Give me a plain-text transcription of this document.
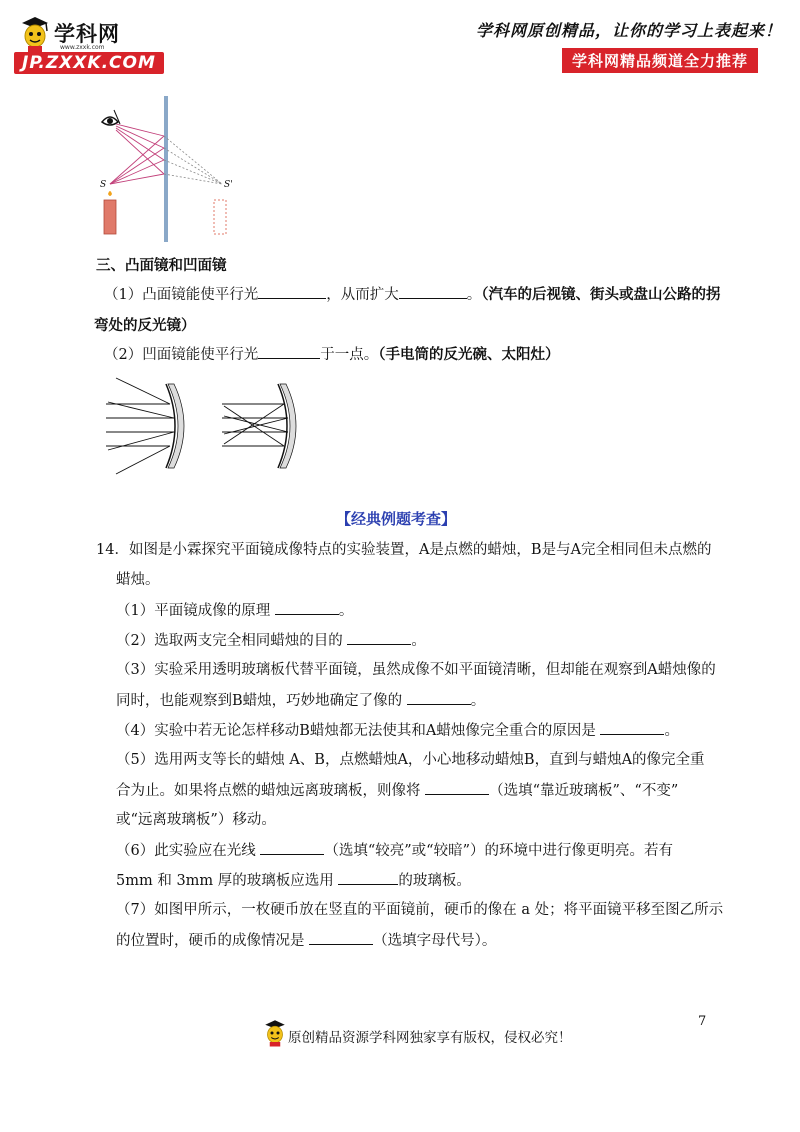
学科网
www.zxxk.com
JP.ZXXK.COM
学科网原创精品，让你的学习上表起来！
学科网精品频道全力推荐
S	S'
三、凸面镜和凹面镜
（1）凸面镜能使平行光	，从而扩大	。（汽车的后视镜、街头或盘山公路的拐
弯处的反光镜）
（2）凹面镜能使平行光	于一点。（手电筒的反光碗、太阳灶）
【经典例题考查】
14．如图是小霖探究平面镜成像特点的实验装置，A是点燃的蜡烛，B是与A完全相同但未点燃的
蜡烛。
（1）平面镜成像的原理	。
（2）选取两支完全相同蜡烛的目的	。
（3）实验采用透明玻璃板代替平面镜，虽然成像不如平面镜清晰，但却能在观察到A蜡烛像的
同时，也能观察到B蜡烛，巧妙地确定了像的	。
（4）实验中若无论怎样移动B蜡烛都无法使其和A蜡烛像完全重合的原因是	。
（5）选用两支等长的蜡烛 A、B，点燃蜡烛A，小心地移动蜡烛B，直到与蜡烛A的像完全重
合为止。如果将点燃的蜡烛远离玻璃板，则像将	（选填“靠近玻璃板”、“不变”
或“远离玻璃板”）移动。
（6）此实验应在光线	（选填“较亮”或“较暗”）的环境中进行像更明亮。若有
5mm 和 3mm 厚的玻璃板应选用	的玻璃板。
（7）如图甲所示，一枚硬币放在竖直的平面镜前，硬币的像在 a 处；将平面镜平移至图乙所示
的位置时，硬币的成像情况是	（选填字母代号）。
7
原创精品资源学科网独家享有版权，侵权必究！
